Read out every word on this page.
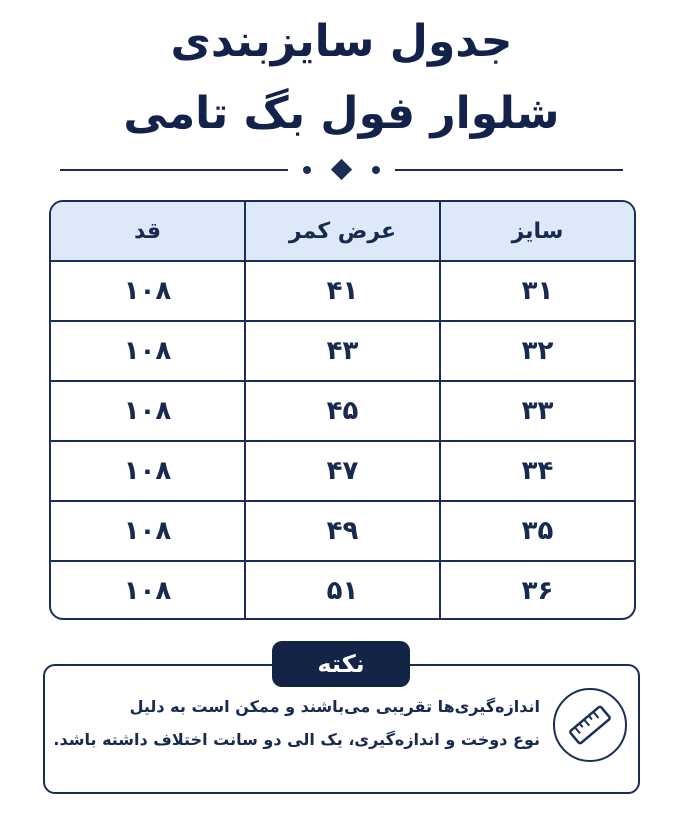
جدول سایزبندی
شلوار فول بگ تامی
سایز
عرض کمر
قد
۳۱
۴۱
۱۰۸
۳۲
۴۳
۱۰۸
۳۳
۴۵
۱۰۸
۳۴
۴۷
۱۰۸
۳۵
۴۹
۱۰۸
۳۶
۵۱
۱۰۸
نکته
اندازه‌گیری‌ها تقریبی می‌باشند و ممکن است به دلیل
نوع دوخت و اندازه‌گیری، یک الی دو سانت اختلاف داشته باشد.
